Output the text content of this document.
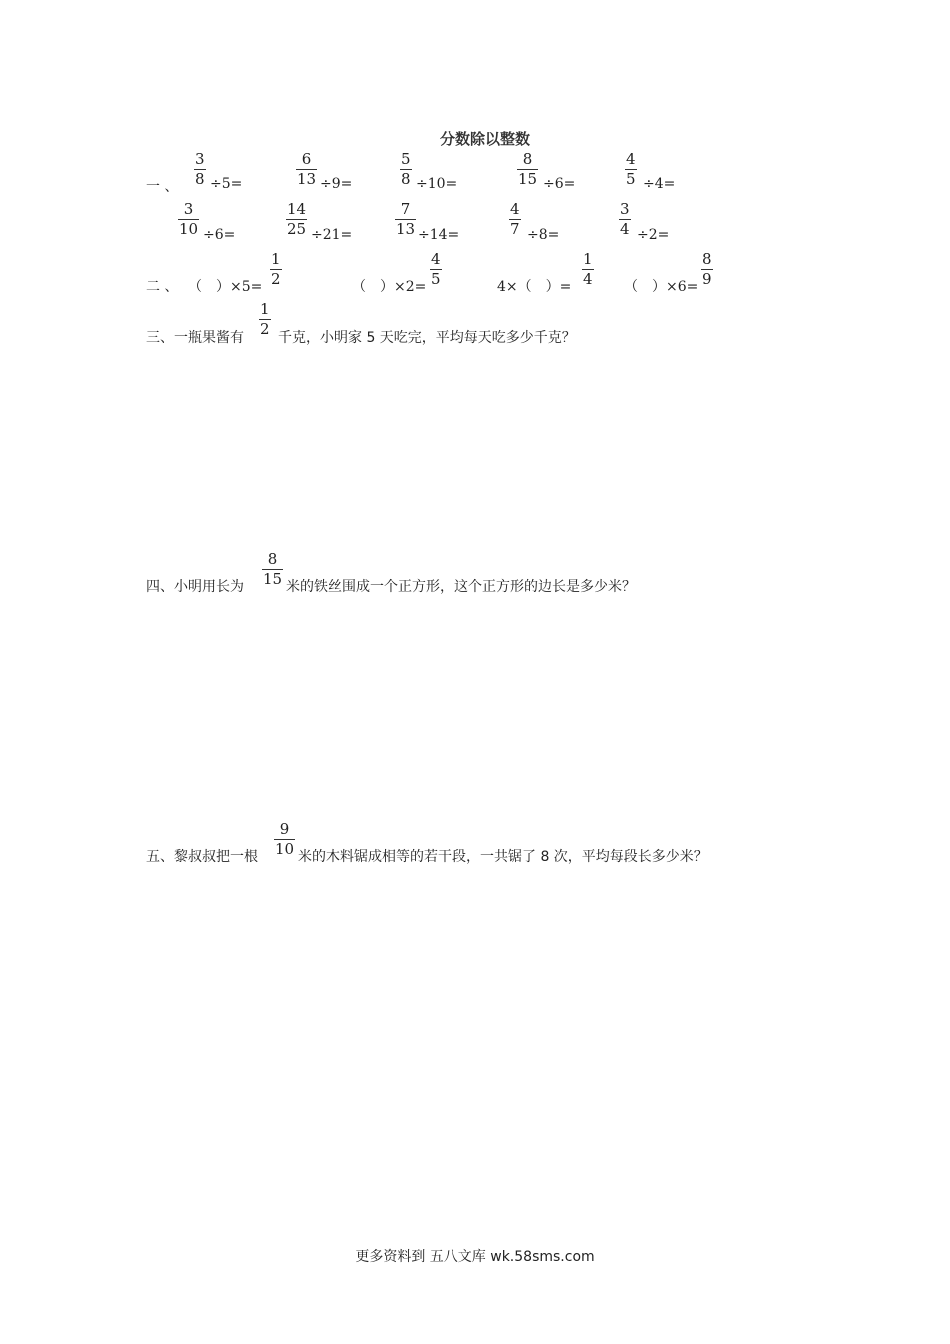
分数除以整数
一 、
3
8 ÷5=
6
13 ÷9=
5
8 ÷10=
8
15 ÷6=
4
5 ÷4=
3
10 ÷6=
14
25 ÷21=
7
13 ÷14=
4
7 ÷8=
3
4 ÷2=
二 、 （　）×5=
1
2	（　）×2=
4
5	4×（　）=
1
4 （　）×6=
8
9
三、一瓶果酱有
1
2 千克，小明家 5 天吃完，平均每天吃多少千克？
四、小明用长为
8
15 米的铁丝围成一个正方形，这个正方形的边长是多少米？
五、黎叔叔把一根
9
10 米的木料锯成相等的若干段，一共锯了 8 次，平均每段长多少米？
更多资料到 五八文库 wk.58sms.com
